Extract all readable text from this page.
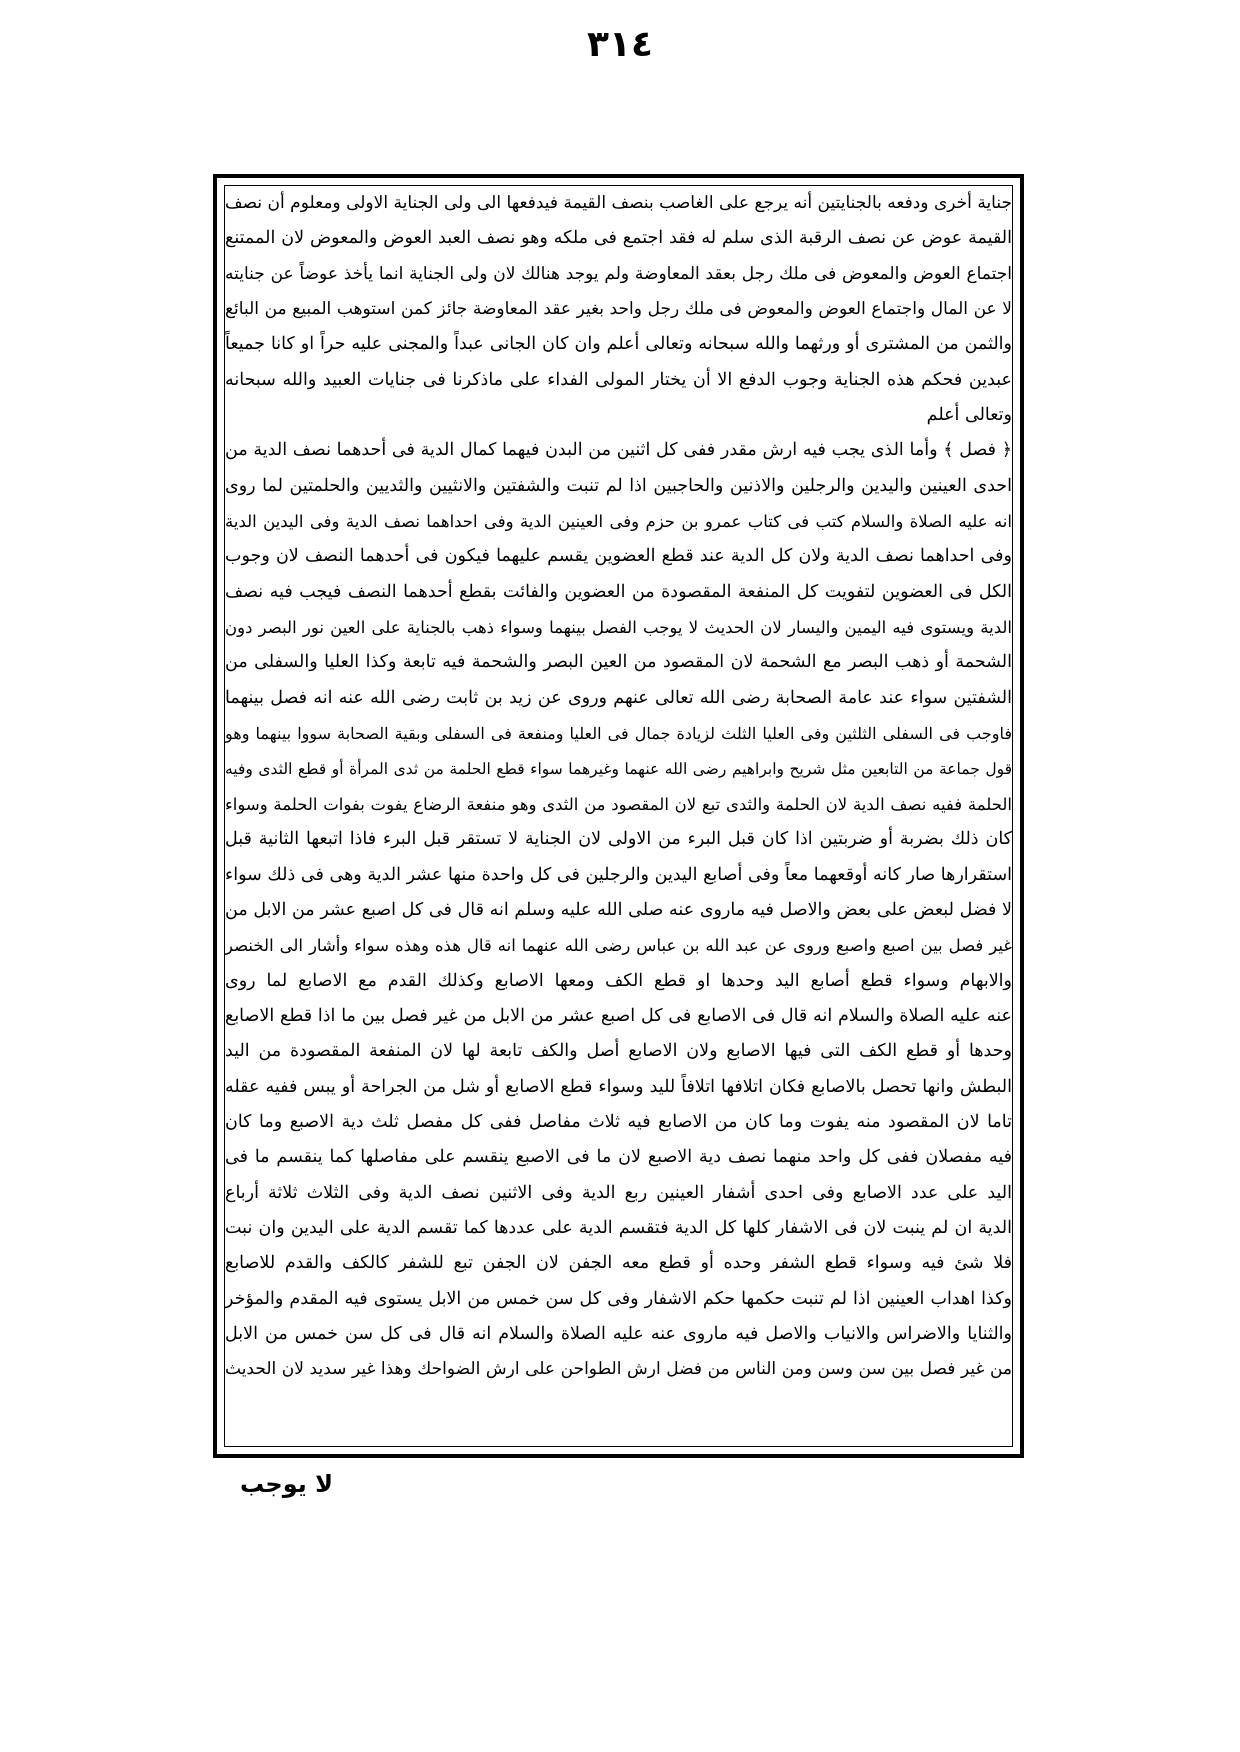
٣١٤
جناية أخرى ودفعه بالجنايتين أنه يرجع على الغاصب بنصف القيمة فيدفعها الى ولى الجناية الاولى ومعلوم أن نصف
القيمة عوض عن نصف الرقبة الذى سلم له فقد اجتمع فى ملكه وهو نصف العبد العوض والمعوض لان الممتنع
اجتماع العوض والمعوض فى ملك رجل بعقد المعاوضة ولم يوجد هنالك لان ولى الجناية انما يأخذ عوضاً عن جنايته
لا عن المال واجتماع العوض والمعوض فى ملك رجل واحد بغير عقد المعاوضة جائز كمن استوهب المبيع من البائع
والثمن من المشترى أو ورثهما والله سبحانه وتعالى أعلم وان كان الجانى عبداً والمجنى عليه حراً او كانا جميعاً
عبدين فحكم هذه الجناية وجوب الدفع الا أن يختار المولى الفداء على ماذكرنا فى جنايات العبيد والله سبحانه
وتعالى أعلم
﴿ فصل ﴾ وأما الذى يجب فيه ارش مقدر ففى كل اثنين من البدن فيهما كمال الدية فى أحدهما نصف الدية من
احدى العينين واليدين والرجلين والاذنين والحاجبين اذا لم تنبت والشفتين والانثيين والثديين والحلمتين لما روى
انه عليه الصلاة والسلام كتب فى كتاب عمرو بن حزم وفى العينين الدية وفى احداهما نصف الدية وفى اليدين الدية
وفى احداهما نصف الدية ولان كل الدية عند قطع العضوين يقسم عليهما فيكون فى أحدهما النصف لان وجوب
الكل فى العضوين لتفويت كل المنفعة المقصودة من العضوين والفائت بقطع أحدهما النصف فيجب فيه نصف
الدية ويستوى فيه اليمين واليسار لان الحديث لا يوجب الفصل بينهما وسواء ذهب بالجناية على العين نور البصر دون
الشحمة أو ذهب البصر مع الشحمة لان المقصود من العين البصر والشحمة فيه تابعة وكذا العليا والسفلى من
الشفتين سواء عند عامة الصحابة رضى الله تعالى عنهم وروى عن زيد بن ثابت رضى الله عنه انه فصل بينهما
فاوجب فى السفلى الثلثين وفى العليا الثلث لزيادة جمال فى العليا ومنفعة فى السفلى وبقية الصحابة سووا بينهما وهو
قول جماعة من التابعين مثل شريح وابراهيم رضى الله عنهما وغيرهما سواء قطع الحلمة من ثدى المرأة أو قطع الثدى وفيه
الحلمة ففيه نصف الدية لان الحلمة والثدى تبع لان المقصود من الثدى وهو منفعة الرضاع يفوت بفوات الحلمة وسواء
كان ذلك بضربة أو ضربتين اذا كان قبل البرء من الاولى لان الجناية لا تستقر قبل البرء فاذا اتبعها الثانية قبل
استقرارها صار كانه أوقعهما معاً وفى أصابع اليدين والرجلين فى كل واحدة منها عشر الدية وهى فى ذلك سواء
لا فضل لبعض على بعض والاصل فيه ماروى عنه صلى الله عليه وسلم انه قال فى كل اصبع عشر من الابل من
غير فصل بين اصبع واصبع وروى عن عبد الله بن عباس رضى الله عنهما انه قال هذه وهذه سواء وأشار الى الخنصر
والابهام وسواء قطع أصابع اليد وحدها او قطع الكف ومعها الاصابع وكذلك القدم مع الاصابع لما روى
عنه عليه الصلاة والسلام انه قال فى الاصابع فى كل اصبع عشر من الابل من غير فصل بين ما اذا قطع الاصابع
وحدها أو قطع الكف التى فيها الاصابع ولان الاصابع أصل والكف تابعة لها لان المنفعة المقصودة من اليد
البطش وانها تحصل بالاصابع فكان اتلافها اتلافاً لليد وسواء قطع الاصابع أو شل من الجراحة أو يبس ففيه عقله
تاما لان المقصود منه يفوت وما كان من الاصابع فيه ثلاث مفاصل ففى كل مفصل ثلث دية الاصبع وما كان
فيه مفصلان ففى كل واحد منهما نصف دية الاصبع لان ما فى الاصبع ينقسم على مفاصلها كما ينقسم ما فى
اليد على عدد الاصابع وفى احدى أشفار العينين ربع الدية وفى الاثنين نصف الدية وفى الثلاث ثلاثة أرباع
الدية ان لم ينبت لان فى الاشفار كلها كل الدية فتقسم الدية على عددها كما تقسم الدية على اليدين وان نبت
فلا شئ فيه وسواء قطع الشفر وحده أو قطع معه الجفن لان الجفن تبع للشفر كالكف والقدم للاصابع
وكذا اهداب العينين اذا لم تنبت حكمها حكم الاشفار وفى كل سن خمس من الابل يستوى فيه المقدم والمؤخر
والثنايا والاضراس والانياب والاصل فيه ماروى عنه عليه الصلاة والسلام انه قال فى كل سن خمس من الابل
من غير فصل بين سن وسن ومن الناس من فضل ارش الطواحن على ارش الضواحك وهذا غير سديد لان الحديث
لا يوجب
